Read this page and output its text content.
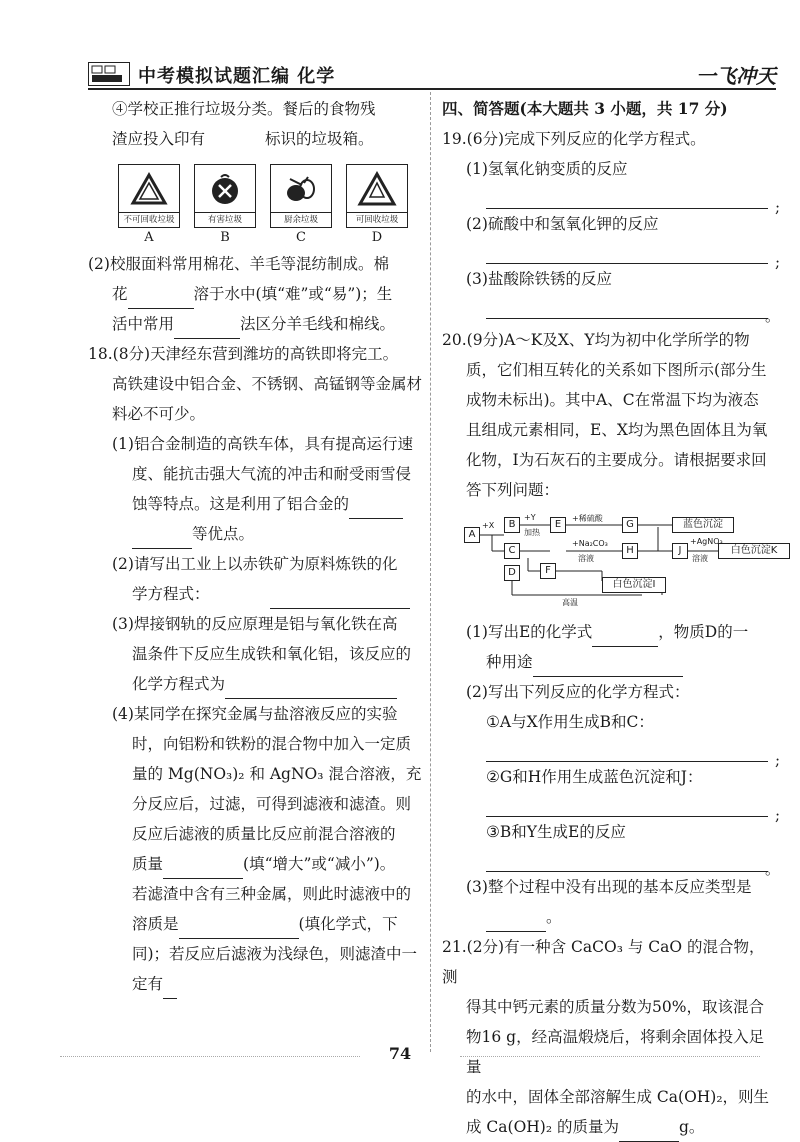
中考模拟试题汇编 化学	一飞冲天

④学校正推行垃圾分类。餐后的食物残

渣应投入印有	标识的垃圾箱。

不可回收垃圾	有害垃圾	厨余垃圾	可回收垃圾
A	B	C	D

(2)校服面料常用棉花、羊毛等混纺制成。棉

花	溶于水中(填“难”或“易”)；生

活中常用	法区分羊毛线和棉线。

18.(8分)天津经东营到潍坊的高铁即将完工。

高铁建设中铝合金、不锈钢、高锰钢等金属材

料必不可少。

(1)铝合金制造的高铁车体，具有提高运行速

度、能抗击强大气流的冲击和耐受雨雪侵

蚀等特点。这是利用了铝合金的

等优点。

(2)请写出工业上以赤铁矿为原料炼铁的化

学方程式：

(3)焊接钢轨的反应原理是铝与氧化铁在高

温条件下反应生成铁和氧化铝，该反应的

化学方程式为

(4)某同学在探究金属与盐溶液反应的实验

时，向铝粉和铁粉的混合物中加入一定质

量的 Mg(NO₃)₂ 和 AgNO₃ 混合溶液，充

分反应后，过滤，可得到滤液和滤渣。则

反应后滤液的质量比反应前混合溶液的

质量	(填“增大”或“减小”)。

若滤渣中含有三种金属，则此时滤液中的

溶质是	(填化学式，下

同)；若反应后滤液为浅绿色，则滤渣中一

定有

四、简答题(本大题共 3 小题，共 17 分)

19.(6分)完成下列反应的化学方程式。

(1)氢氧化钠变质的反应

;

(2)硫酸中和氢氧化钾的反应

;

(3)盐酸除铁锈的反应

。

20.(9分)A～K及X、Y均为初中化学所学的物

质，它们相互转化的关系如下图所示(部分生

成物未标出)。其中A、C在常温下均为液态

且组成元素相同，E、X均为黑色固体且为氧

化物，I为石灰石的主要成分。请根据要求回

答下列问题：

A
B
C
D
E
F
G
H	J
蓝色沉淀
白色沉淀K
白色沉淀I
+X
+Y
加热
+稀硫酸
+Na₂CO₃
溶液
+AgNO₃
溶液
高温

(1)写出E的化学式	，物质D的一

种用途

(2)写出下列反应的化学方程式：

①A与X作用生成B和C：

;

②G和H作用生成蓝色沉淀和J：

;

③B和Y生成E的反应

。

(3)整个过程中没有出现的基本反应类型是

。

21.(2分)有一种含 CaCO₃ 与 CaO 的混合物，测

得其中钙元素的质量分数为50%，取该混合

物16 g，经高温煅烧后，将剩余固体投入足量

的水中，固体全部溶解生成 Ca(OH)₂，则生

成 Ca(OH)₂ 的质量为	g。

74
